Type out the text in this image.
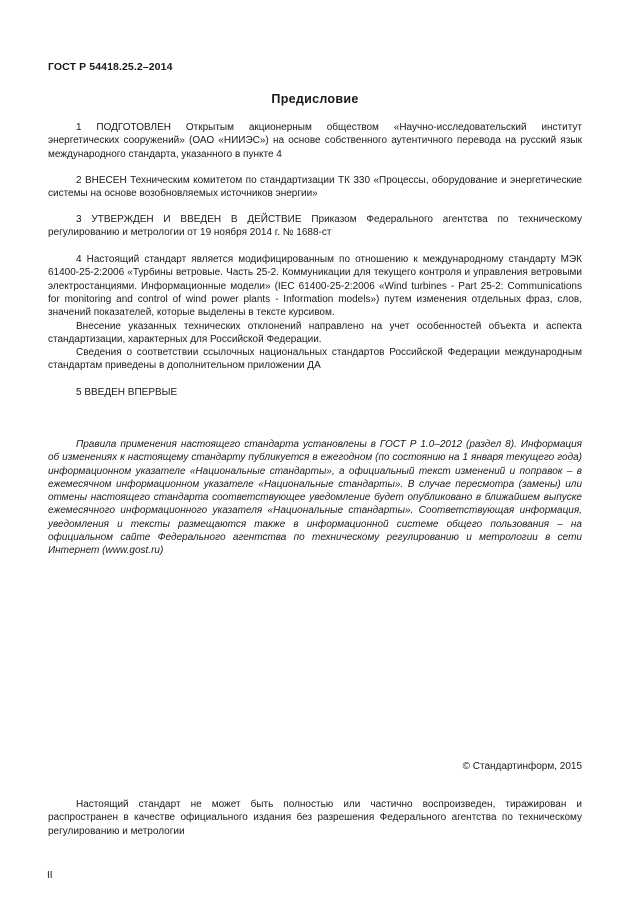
ГОСТ Р 54418.25.2–2014
Предисловие

1 ПОДГОТОВЛЕН Открытым акционерным обществом «Научно-исследовательский институт энергетических сооружений» (ОАО «НИИЭС») на основе собственного аутентичного перевода на русский язык международного стандарта, указанного в пункте 4

2 ВНЕСЕН Техническим комитетом по стандартизации ТК 330 «Процессы, оборудование и энергетические системы на основе возобновляемых источников энергии»

3 УТВЕРЖДЕН И ВВЕДЕН В ДЕЙСТВИЕ Приказом Федерального агентства по техническому регулированию и метрологии от 19 ноября 2014 г. № 1688-ст

4 Настоящий стандарт является модифицированным по отношению к международному стандарту МЭК 61400-25-2:2006 «Турбины ветровые. Часть 25-2. Коммуникации для текущего контроля и управления ветровыми электростанциями. Информационные модели» (IEC 61400-25-2:2006 «Wind turbines - Part 25-2: Communications for monitoring and control of wind power plants - Information models») путем изменения отдельных фраз, слов, значений показателей, которые выделены в тексте курсивом.

Внесение указанных технических отклонений направлено на учет особенностей объекта и аспекта стандартизации, характерных для Российской Федерации.

Сведения о соответствии ссылочных национальных стандартов Российской Федерации международным стандартам приведены в дополнительном приложении ДА

5 ВВЕДЕН ВПЕРВЫЕ

Правила применения настоящего стандарта установлены в ГОСТ Р 1.0–2012 (раздел 8). Информация об изменениях к настоящему стандарту публикуется в ежегодном (по состоянию на 1 января текущего года) информационном указателе «Национальные стандарты», а официальный текст изменений и поправок – в ежемесячном информационном указателе «Национальные стандарты». В случае пересмотра (замены) или отмены настоящего стандарта соответствующее уведомление будет опубликовано в ближайшем выпуске ежемесячного информационного указателя «Национальные стандарты». Соответствующая информация, уведомления и тексты размещаются также в информационной системе общего пользования – на официальном сайте Федерального агентства по техническому регулированию и метрологии в сети Интернет (www.gost.ru)

© Стандартинформ, 2015

Настоящий стандарт не может быть полностью или частично воспроизведен, тиражирован и распространен в качестве официального издания без разрешения Федерального агентства по техническому регулированию и метрологии

II
